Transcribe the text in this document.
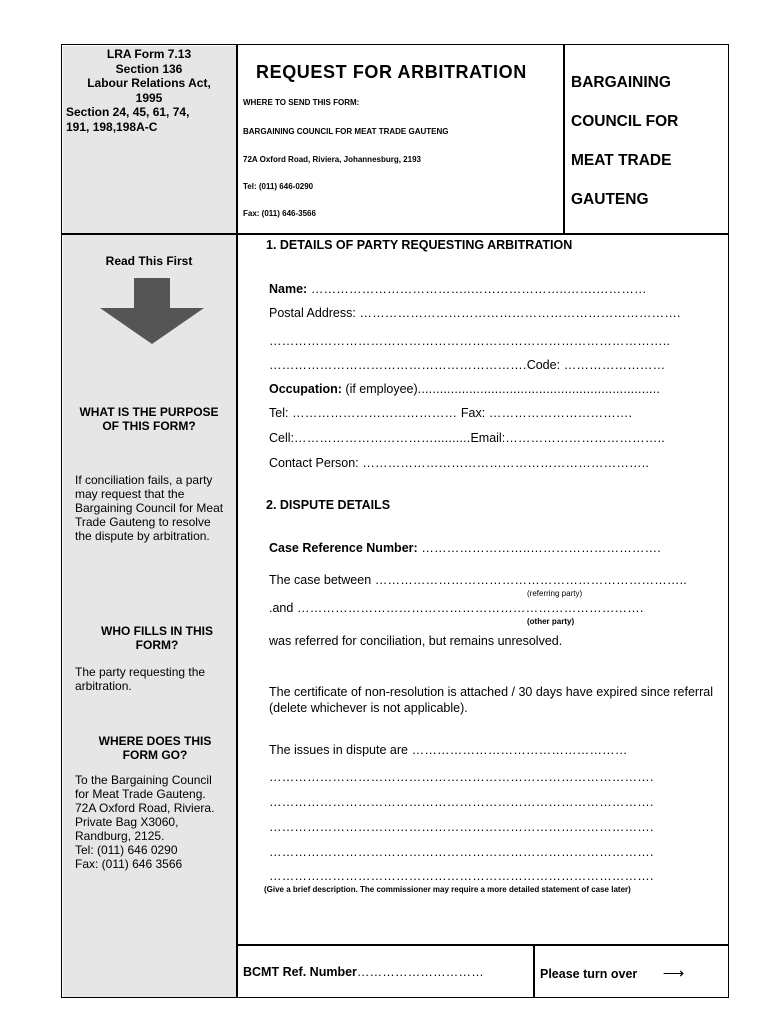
LRA Form 7.13
Section 136
Labour Relations Act,
1995
Section 24, 45, 61, 74,
191, 198,198A-C
REQUEST FOR ARBITRATION
WHERE TO SEND THIS FORM:
BARGAINING COUNCIL FOR MEAT TRADE GAUTENG
72A Oxford Road, Riviera, Johannesburg, 2193
Tel: (011) 646-0290
Fax: (011) 646-3566
BARGAINING
COUNCIL FOR
MEAT TRADE
GAUTENG
Read This First
WHAT IS THE PURPOSE OF THIS FORM?
If conciliation fails, a party may request that the Bargaining Council for Meat Trade Gauteng to resolve the dispute by arbitration.
WHO FILLS IN THIS FORM?
The party requesting the arbitration.
WHERE DOES THIS FORM GO?
To the Bargaining Council for Meat Trade Gauteng. 72A Oxford Road, Riviera. Private Bag X3060, Randburg, 2125.
Tel: (011) 646 0290
Fax: (011) 646 3566
1. DETAILS OF PARTY REQUESTING ARBITRATION
Name: ………………………………..…………………..…….…………
Postal Address: ………………………………………………………………….
…………………………………………………………………………………..
…………………………………………………….Code: ……………………
Occupation: (if employee)..................................................................
Tel: ………………………………… Fax: …………………………….
Cell:……………………………..........Email:………………………………..
Contact Person: …………………………………………………………..
2. DISPUTE DETAILS
Case Reference Number: ……………………..………………………….
The case between ………………………………………………………………..
(referring party)
.and ……………………………………………………………………….
(other party)
was referred for conciliation, but remains unresolved.
The certificate of non-resolution is attached / 30 days have expired since referral
(delete whichever is not applicable).
The issues in dispute are ……………………………………………
……………………………………………………………………………….
……………………………………………………………………………….
……………………………………………………………………………….
……………………………………………………………………………….
……………………………………………………………………………….
(Give a brief description. The commissioner may require a more detailed statement of case later)
BCMT Ref. Number…………………………	Please turn over ⟶
